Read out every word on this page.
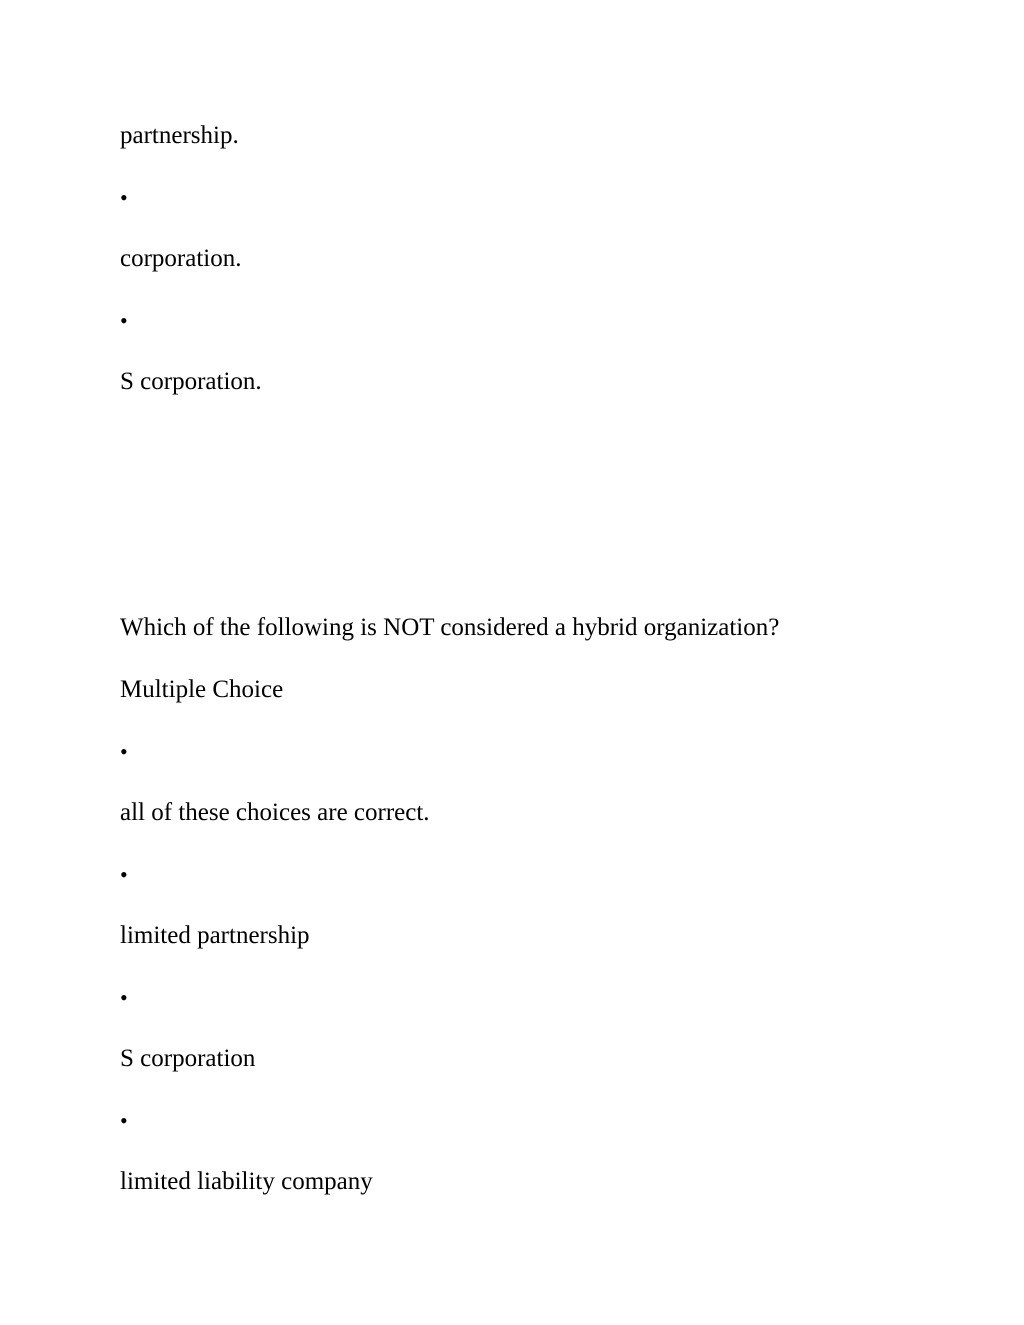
partnership.
•
corporation.
•
S corporation.
Which of the following is NOT considered a hybrid organization?
Multiple Choice
•
all of these choices are correct.
•
limited partnership
•
S corporation
•
limited liability company
